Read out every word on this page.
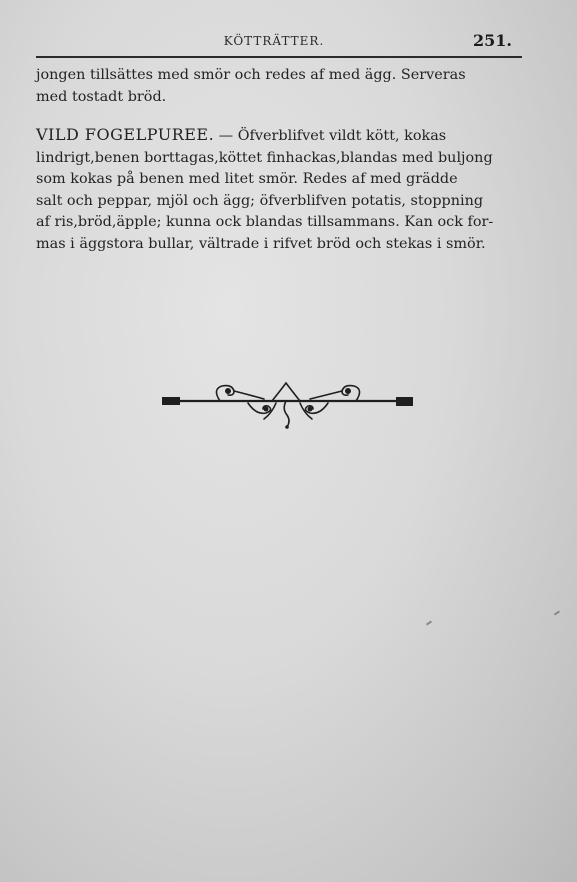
KÖTTRÄTTER.	251.

jongen tillsättes med smör och redes af med ägg. Serveras
med tostadt bröd.

VILD FOGELPUREE. — Öfverblifvet vildt kött, kokas
lindrigt,benen borttagas,köttet finhackas,blandas med buljong
som kokas på benen med litet smör. Redes af med grädde
salt och peppar, mjöl och ägg; öfverblifven potatis, stoppning
af ris,bröd,äpple; kunna ock blandas tillsammans. Kan ock for-
mas i äggstora bullar, vältrade i rifvet bröd och stekas i smör.
